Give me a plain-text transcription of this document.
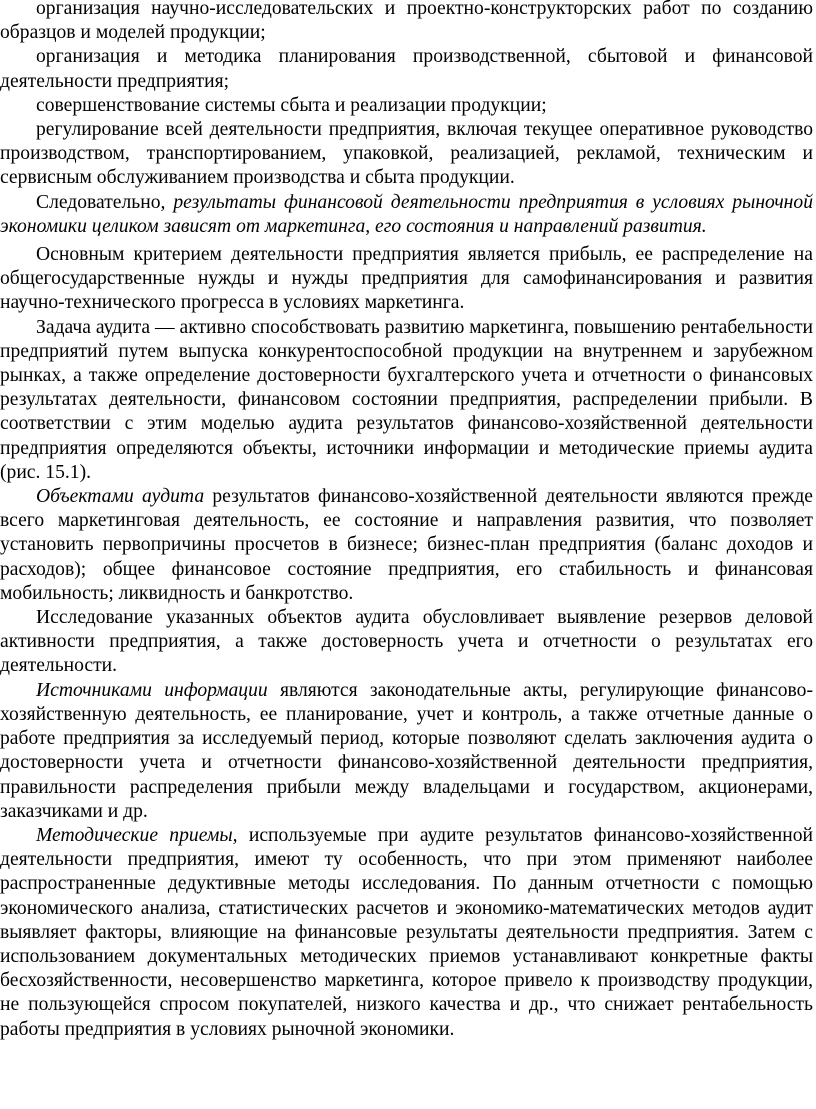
организация научно-исследовательских и проектно-конструкторских работ по созданию образцов и моделей продукции;

организация и методика планирования производственной, сбытовой и финансовой деятельности предприятия;

совершенствование системы сбыта и реализации продукции;

регулирование всей деятельности предприятия, включая текущее оперативное руководство производством, транспортированием, упаковкой, реализацией, рекламой, техническим и сервисным обслуживанием производства и сбыта продукции.

Следовательно, результаты финансовой деятельности предприятия в условиях рыночной экономики целиком зависят от маркетинга, его состояния и направлений развития.

Основным критерием деятельности предприятия является прибыль, ее распределение на общегосударственные нужды и нужды предприятия для самофинансирования и развития научно-технического прогресса в условиях маркетинга.

Задача аудита — активно способствовать развитию маркетинга, повышению рентабельности предприятий путем выпуска конкурентоспособной продукции на внутреннем и зарубежном рынках, а также определение достоверности бухгалтерского учета и отчетности о финансовых результатах деятельности, финансовом состоянии предприятия, распределении прибыли. В соответствии с этим моделью аудита результатов финансово-хозяйственной деятельности предприятия определяются объекты, источники информации и методические приемы аудита (рис. 15.1).

Объектами аудита результатов финансово-хозяйственной деятельности являются прежде всего маркетинговая деятельность, ее состояние и направления развития, что позволяет установить первопричины просчетов в бизнесе; бизнес-план предприятия (баланс доходов и расходов); общее финансовое состояние предприятия, его стабильность и финансовая мобильность; ликвидность и банкротство.

Исследование указанных объектов аудита обусловливает выявление резервов деловой активности предприятия, а также достоверность учета и отчетности о результатах его деятельности.

Источниками информации являются законодательные акты, регулирующие финансово-хозяйственную деятельность, ее планирование, учет и контроль, а также отчетные данные о работе предприятия за исследуемый период, которые позволяют сделать заключения аудита о достоверности учета и отчетности финансово-хозяйственной деятельности предприятия, правильности распределения прибыли между владельцами и государством, акционерами, заказчиками и др.

Методические приемы, используемые при аудите результатов финансово-хозяйственной деятельности предприятия, имеют ту особенность, что при этом применяют наиболее распространенные дедуктивные методы исследования. По данным отчетности с помощью экономического анализа, статистических расчетов и экономико-математических методов аудит выявляет факторы, влияющие на финансовые результаты деятельности предприятия. Затем с использованием документальных методических приемов устанавливают конкретные факты бесхозяйственности, несовершенство маркетинга, которое привело к производству продукции, не пользующейся спросом покупателей, низкого качества и др., что снижает рентабельность работы предприятия в условиях рыночной экономики.
